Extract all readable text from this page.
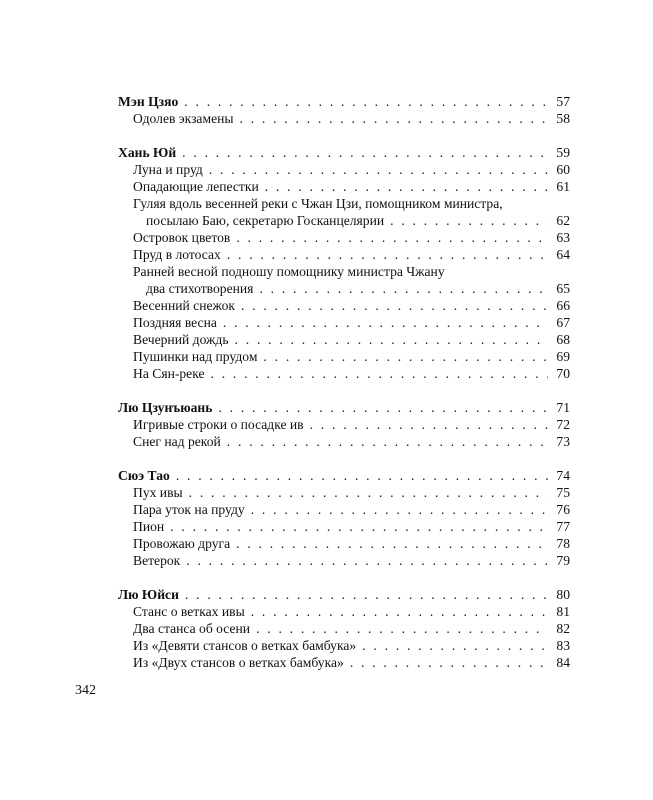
Мэн Цзяо . . .	57
Одолев экзамены . . .	58
Хань Юй . . .	59
Луна и пруд . . .	60
Опадающие лепестки . . .	61
Гуляя вдоль весенней реки с Чжан Цзи, помощником министра,
посылаю Баю, секретарю Госканцелярии . . .	62
Островок цветов . . .	63
Пруд в лотосах . . .	64
Ранней весной подношу помощнику министра Чжану
два стихотворения . . .	65
Весенний снежок . . .	66
Поздняя весна . . .	67
Вечерний дождь . . .	68
Пушинки над прудом . . .	69
На Сян-реке . . .	70
Лю Цзунъюань . . .	71
Игривые строки о посадке ив . . .	72
Снег над рекой . . .	73
Сюэ Тао . . .	74
Пух ивы . . .	75
Пара уток на пруду . . .	76
Пион . . .	77
Провожаю друга . . .	78
Ветерок . . .	79
Лю Юйси . . .	80
Станс о ветках ивы . . .	81
Два станса об осени . . .	82
Из «Девяти стансов о ветках бамбука» . . .	83
Из «Двух стансов о ветках бамбука» . . .	84
342
